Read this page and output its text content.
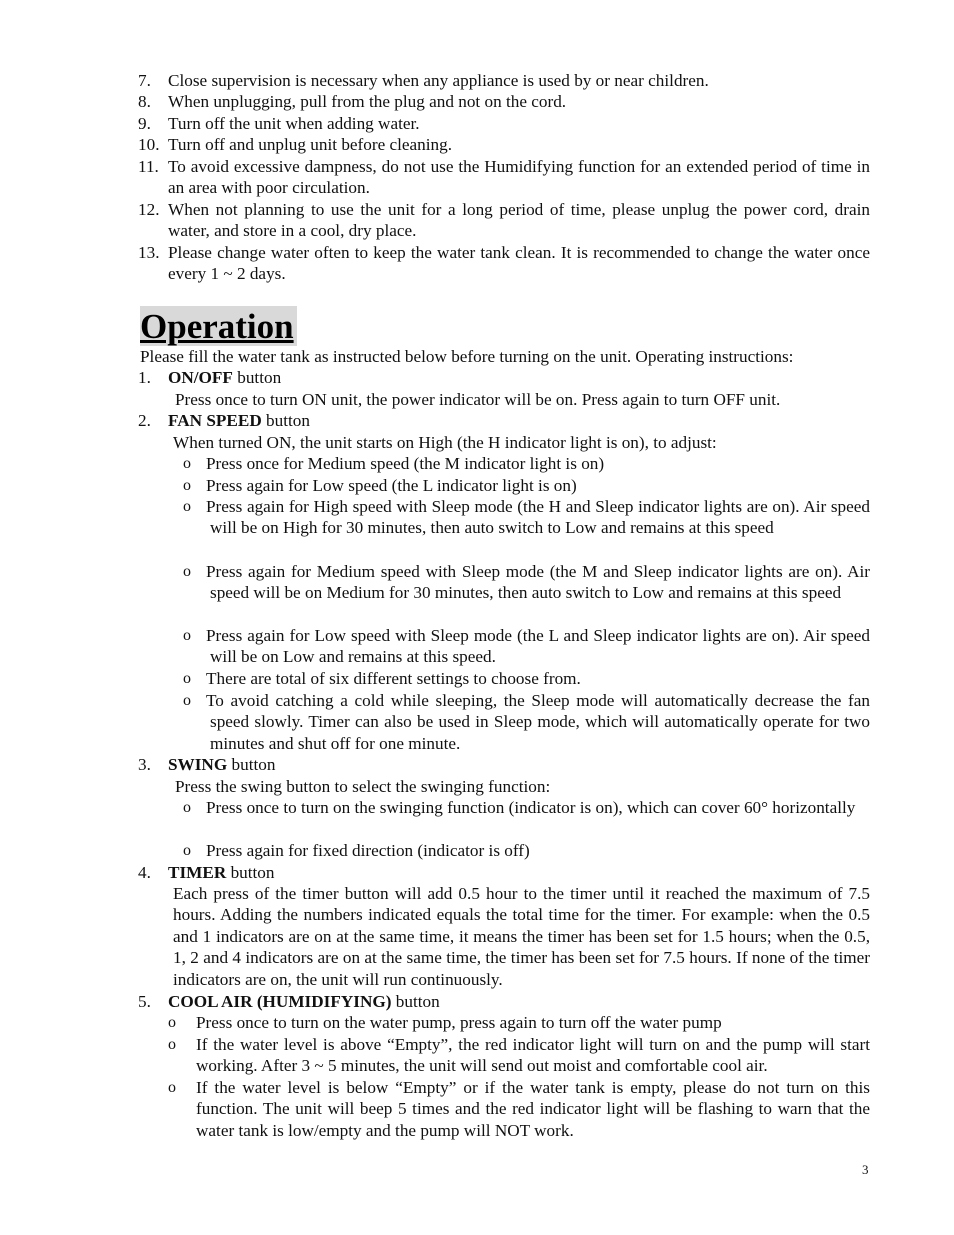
7. Close supervision is necessary when any appliance is used by or near children.
8. When unplugging, pull from the plug and not on the cord.
9. Turn off the unit when adding water.
10. Turn off and unplug unit before cleaning.
11. To avoid excessive dampness, do not use the Humidifying function for an extended period of time in an area with poor circulation.
12. When not planning to use the unit for a long period of time, please unplug the power cord, drain water, and store in a cool, dry place.
13. Please change water often to keep the water tank clean. It is recommended to change the water once every 1 ~ 2 days.
Operation
Please fill the water tank as instructed below before turning on the unit. Operating instructions:
1. ON/OFF button
Press once to turn ON unit, the power indicator will be on. Press again to turn OFF unit.
2. FAN SPEED button
When turned ON, the unit starts on High (the H indicator light is on), to adjust:
o Press once for Medium speed (the M indicator light is on)
o Press again for Low speed (the L indicator light is on)
o Press again for High speed with Sleep mode (the H and Sleep indicator lights are on). Air speed will be on High for 30 minutes, then auto switch to Low and remains at this speed
o Press again for Medium speed with Sleep mode (the M and Sleep indicator lights are on). Air speed will be on Medium for 30 minutes, then auto switch to Low and remains at this speed
o Press again for Low speed with Sleep mode (the L and Sleep indicator lights are on). Air speed will be on Low and remains at this speed.
o There are total of six different settings to choose from.
o To avoid catching a cold while sleeping, the Sleep mode will automatically decrease the fan speed slowly. Timer can also be used in Sleep mode, which will automatically operate for two minutes and shut off for one minute.
3. SWING button
Press the swing button to select the swinging function:
o Press once to turn on the swinging function (indicator is on), which can cover 60° horizontally
o Press again for fixed direction (indicator is off)
4. TIMER button
Each press of the timer button will add 0.5 hour to the timer until it reached the maximum of 7.5 hours. Adding the numbers indicated equals the total time for the timer. For example: when the 0.5 and 1 indicators are on at the same time, it means the timer has been set for 1.5 hours; when the 0.5, 1, 2 and 4 indicators are on at the same time, the timer has been set for 7.5 hours. If none of the timer indicators are on, the unit will run continuously.
5. COOL AIR (HUMIDIFYING) button
o	Press once to turn on the water pump, press again to turn off the water pump
o	If the water level is above “Empty”, the red indicator light will turn on and the pump will start working. After 3 ~ 5 minutes, the unit will send out moist and comfortable cool air.
o	If the water level is below “Empty” or if the water tank is empty, please do not turn on this function. The unit will beep 5 times and the red indicator light will be flashing to warn that the water tank is low/empty and the pump will NOT work.
3
